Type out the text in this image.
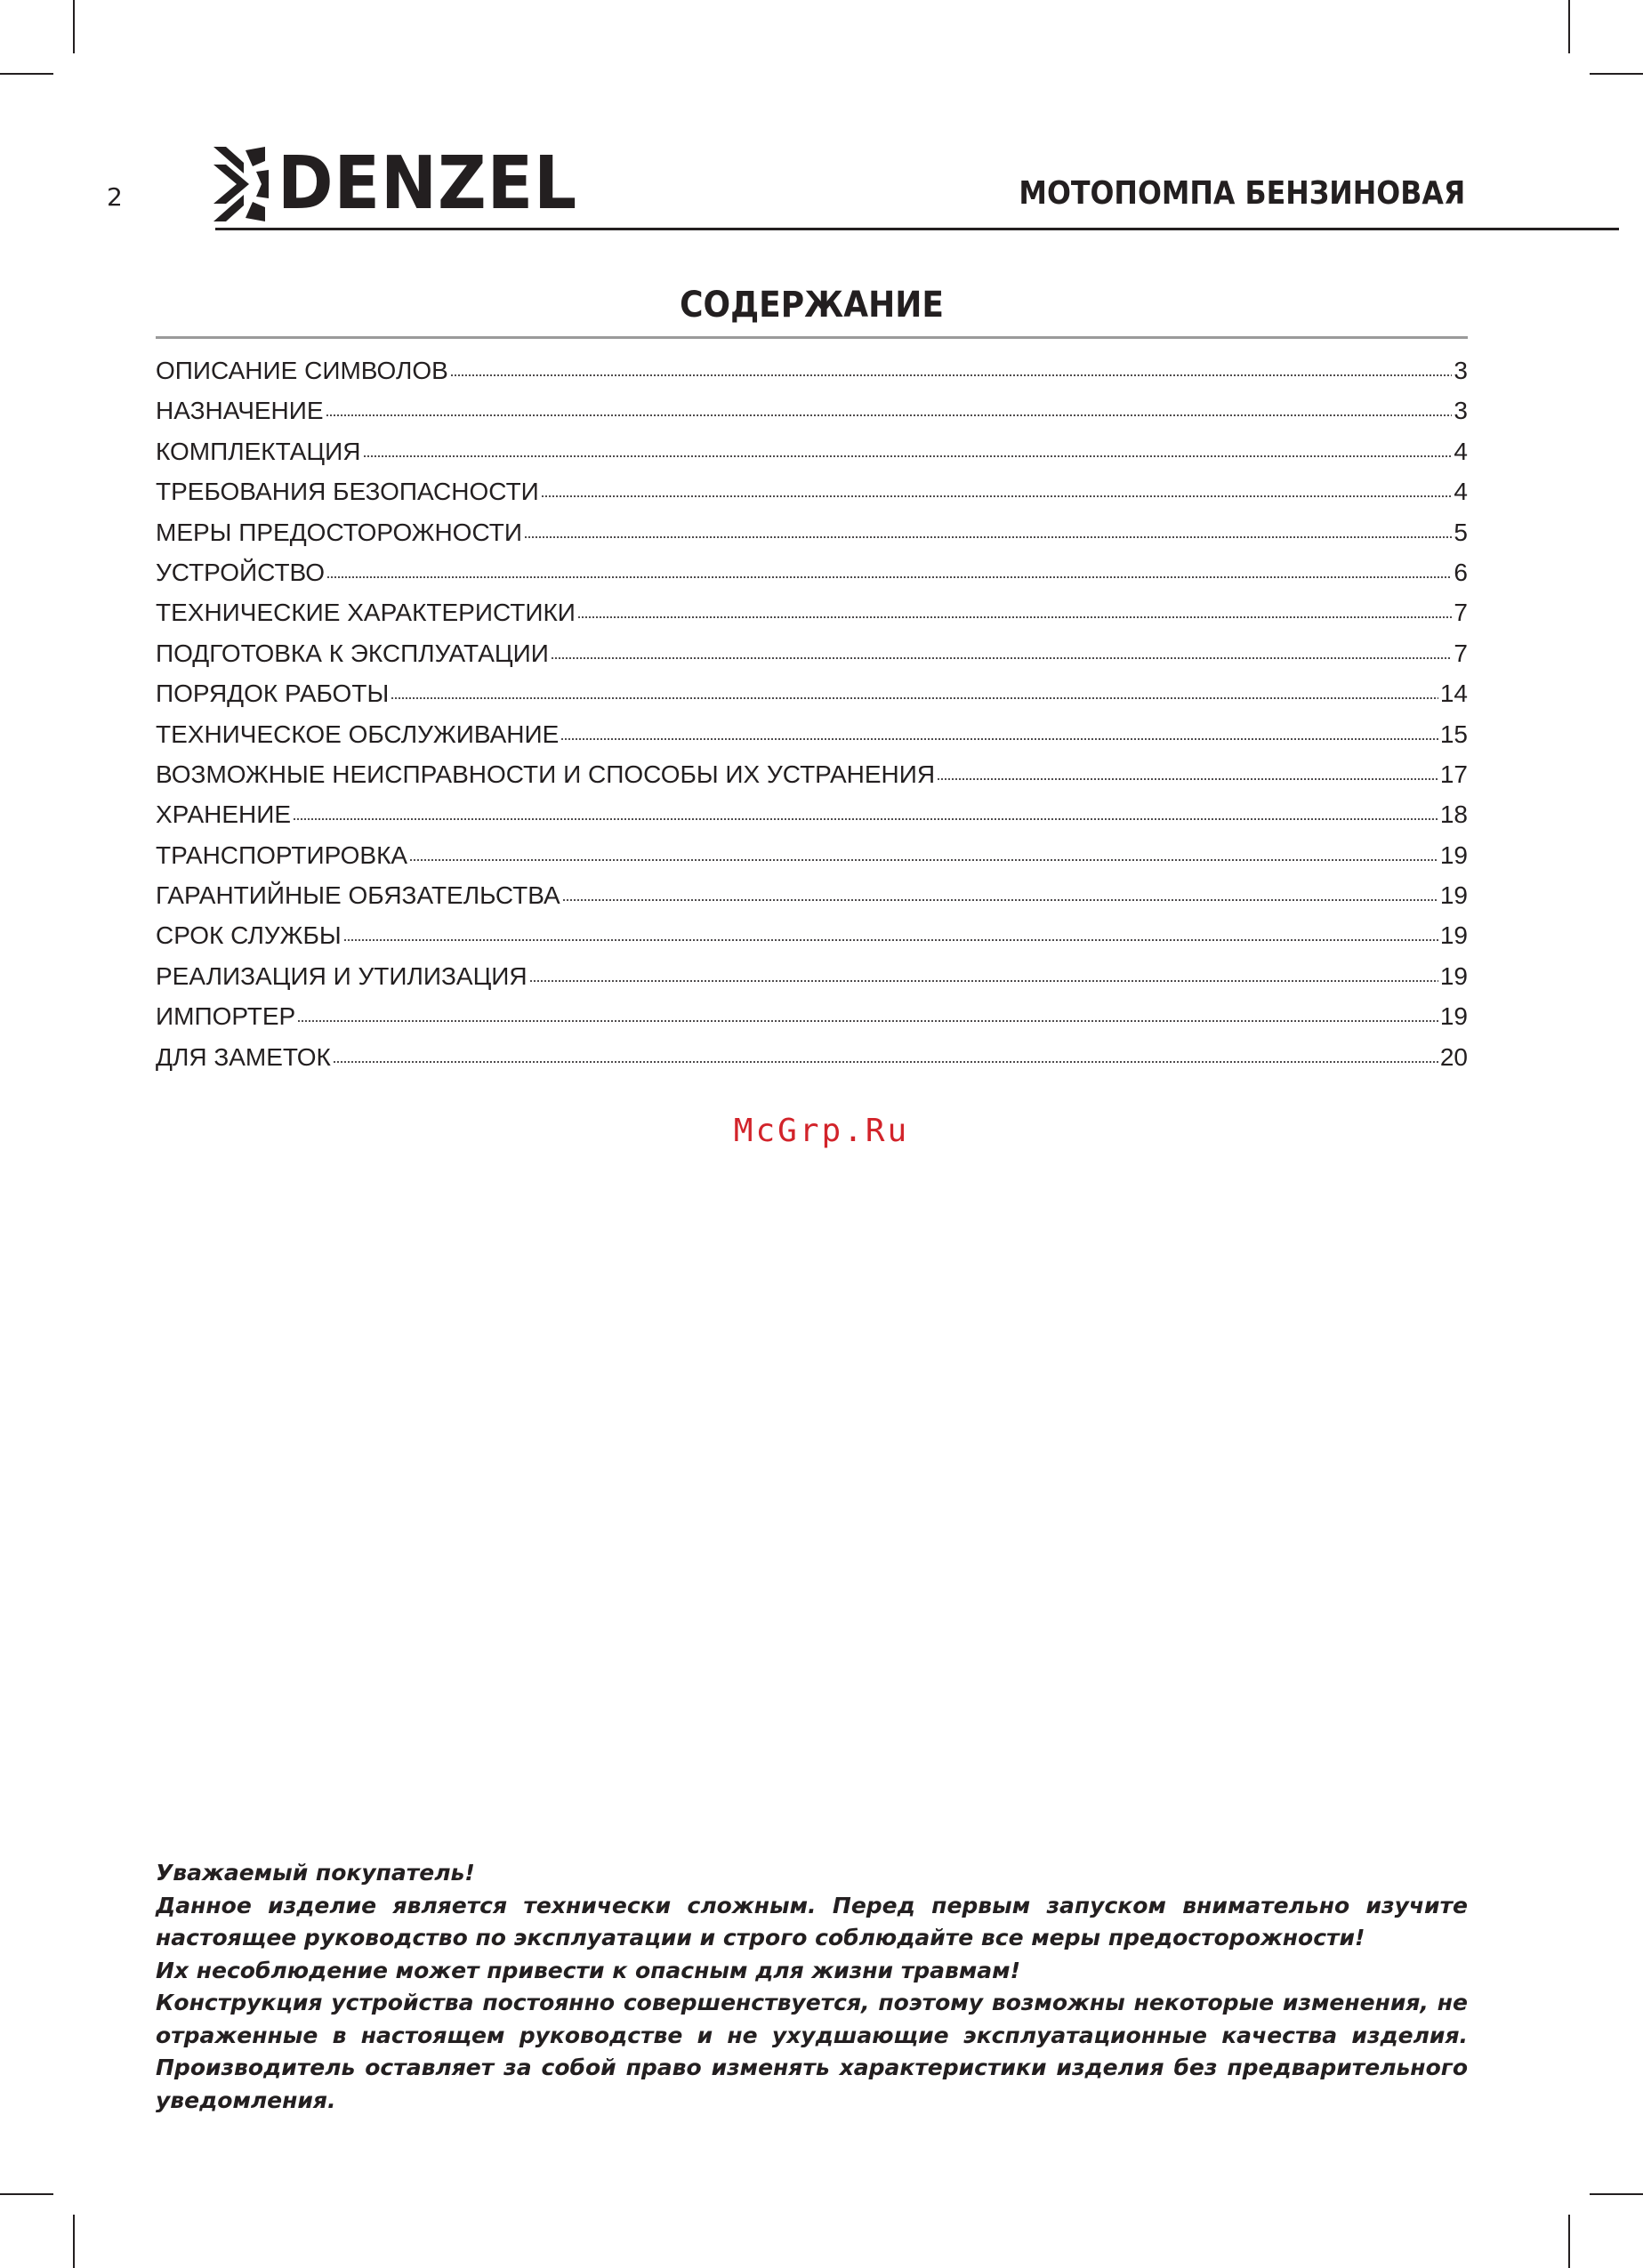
2 DENZEL	МОТОПОМПА БЕНЗИНОВАЯ
СОДЕРЖАНИЕ
ОПИСАНИЕ СИМВОЛОВ	3
НАЗНАЧЕНИЕ	3
КОМПЛЕКТАЦИЯ	4
ТРЕБОВАНИЯ БЕЗОПАСНОСТИ	4
МЕРЫ ПРЕДОСТОРОЖНОСТИ	5
УСТРОЙСТВО	6
ТЕХНИЧЕСКИЕ ХАРАКТЕРИСТИКИ	7
ПОДГОТОВКА К ЭКСПЛУАТАЦИИ	7
ПОРЯДОК РАБОТЫ	14
ТЕХНИЧЕСКОЕ ОБСЛУЖИВАНИЕ	15
ВОЗМОЖНЫЕ НЕИСПРАВНОСТИ И СПОСОБЫ ИХ УСТРАНЕНИЯ	17
ХРАНЕНИЕ	18
ТРАНСПОРТИРОВКА	19
ГАРАНТИЙНЫЕ ОБЯЗАТЕЛЬСТВА	19
СРОК СЛУЖБЫ	19
РЕАЛИЗАЦИЯ И УТИЛИЗАЦИЯ	19
ИМПОРТЕР	19
ДЛЯ ЗАМЕТОК	20
McGrp.Ru

Уважаемый покупатель!

Данное изделие является технически сложным. Перед первым запуском внимательно изучите настоящее руководство по эксплуатации и строго соблюдайте все меры предосторожности!

Их несоблюдение может привести к опасным для жизни травмам!

Конструкция устройства постоянно совершенствуется, поэтому возможны некоторые изменения, не отраженные в настоящем руководстве и не ухудшающие эксплуатационные качества изделия. Производитель оставляет за собой право изменять характеристики изделия без предварительного уведомления.
